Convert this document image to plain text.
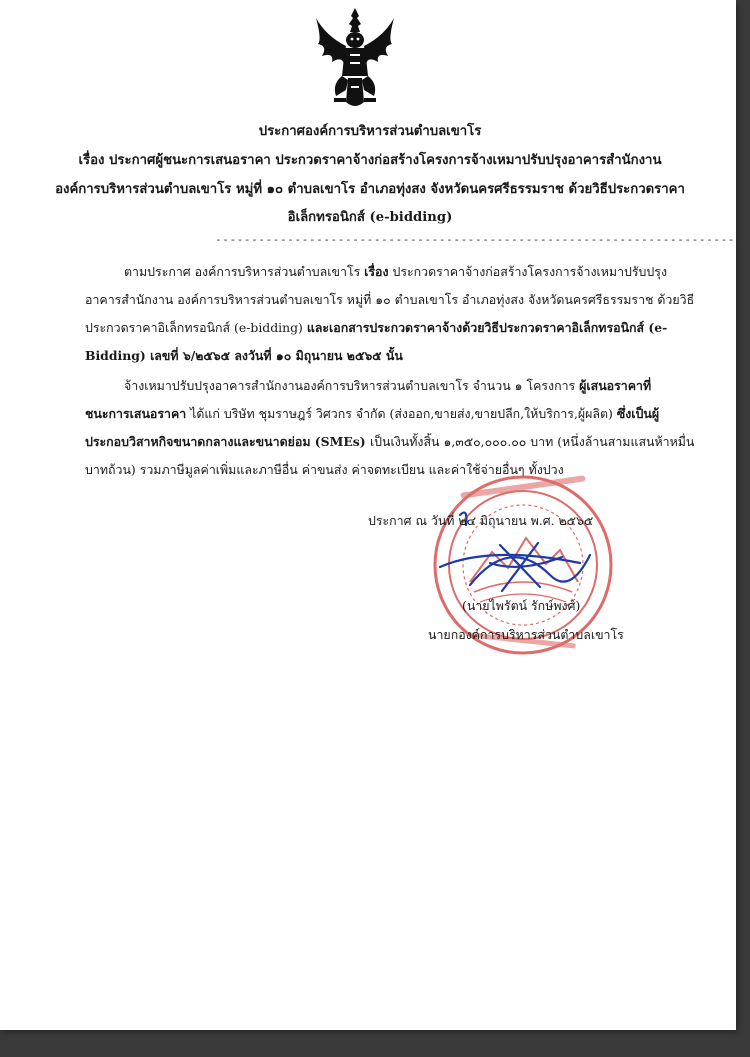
ประกาศองค์การบริหารส่วนตำบลเขาโร
เรื่อง ประกาศผู้ชนะการเสนอราคา ประกวดราคาจ้างก่อสร้างโครงการจ้างเหมาปรับปรุงอาคารสำนักงาน
องค์การบริหารส่วนตำบลเขาโร หมู่ที่ ๑๐ ตำบลเขาโร อำเภอทุ่งสง จังหวัดนครศรีธรรมราช ด้วยวิธีประกวดราคา
อิเล็กทรอนิกส์ (e-bidding)
--------------------------------------------------------------------------
ตามประกาศ องค์การบริหารส่วนตำบลเขาโร เรื่อง ประกวดราคาจ้างก่อสร้างโครงการจ้างเหมาปรับปรุง
อาคารสำนักงาน องค์การบริหารส่วนตำบลเขาโร หมู่ที่ ๑๐ ตำบลเขาโร อำเภอทุ่งสง จังหวัดนครศรีธรรมราช ด้วยวิธี
ประกวดราคาอิเล็กทรอนิกส์ (e-bidding) และเอกสารประกวดราคาจ้างด้วยวิธีประกวดราคาอิเล็กทรอนิกส์ (e-
Bidding) เลขที่ ๖/๒๕๖๕ ลงวันที่ ๑๐ มิถุนายน ๒๕๖๕ นั้น
จ้างเหมาปรับปรุงอาคารสำนักงานองค์การบริหารส่วนตำบลเขาโร จำนวน ๑ โครงการ ผู้เสนอราคาที่
ชนะการเสนอราคา ได้แก่ บริษัท ชุมราษฎร์ วิศวกร จำกัด (ส่งออก,ขายส่ง,ขายปลีก,ให้บริการ,ผู้ผลิต) ซึ่งเป็นผู้
ประกอบวิสาหกิจขนาดกลางและขนาดย่อม (SMEs) เป็นเงินทั้งสิ้น ๑,๓๕๐,๐๐๐.๐๐ บาท (หนึ่งล้านสามแสนห้าหมื่น
บาทถ้วน) รวมภาษีมูลค่าเพิ่มและภาษีอื่น ค่าขนส่ง ค่าจดทะเบียน และค่าใช้จ่ายอื่นๆ ทั้งปวง
ประกาศ ณ วันที่ ๒๔ มิถุนายน พ.ศ. ๒๕๖๕
(นายไพรัตน์ รักษ์พงศ์)
นายกองค์การบริหารส่วนตำบลเขาโร
